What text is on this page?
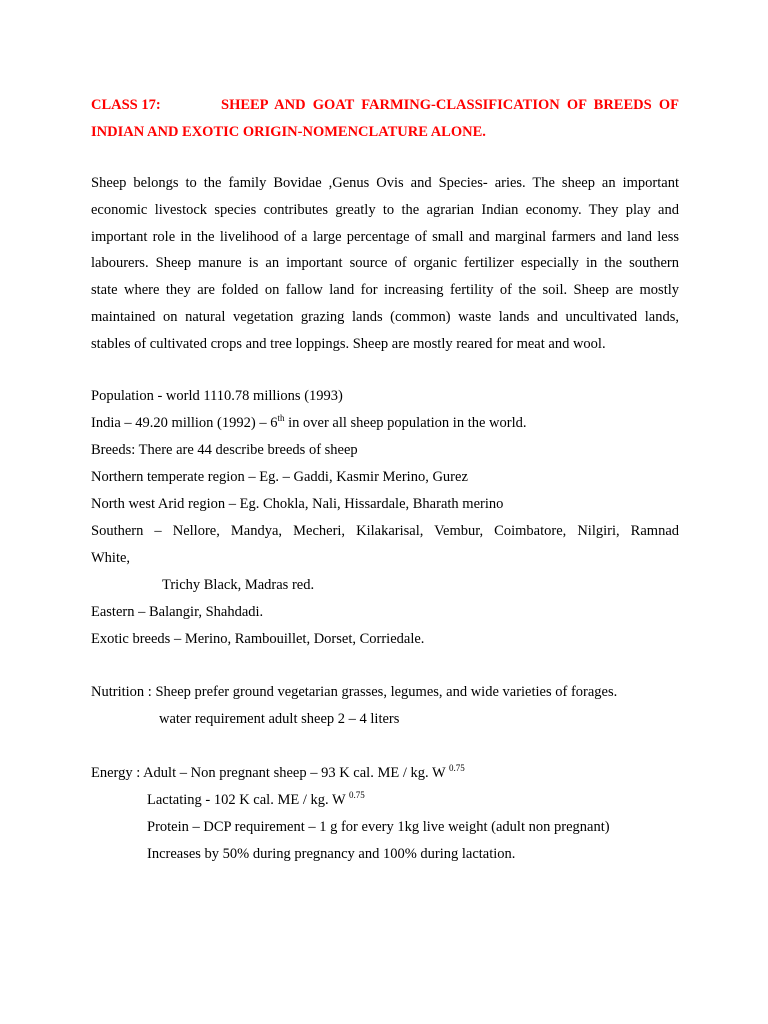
CLASS 17:	SHEEP AND GOAT FARMING-CLASSIFICATION OF BREEDS OF
INDIAN AND EXOTIC ORIGIN-NOMENCLATURE ALONE.
Sheep belongs to the family Bovidae ,Genus Ovis and Species- aries. The sheep an important
economic livestock species contributes greatly to the agrarian Indian economy. They play and
important role in the livelihood of a large percentage of small and marginal farmers and land less
labourers. Sheep manure is an important source of organic fertilizer especially in the southern
state where they are folded on fallow land for increasing fertility of the soil. Sheep are mostly
maintained on natural vegetation grazing lands (common) waste lands and uncultivated lands,
stables of cultivated crops and tree loppings. Sheep are mostly reared for meat and wool.
Population - world 1110.78 millions (1993)
India – 49.20 million (1992) – 6th in over all sheep population in the world.
Breeds: There are 44 describe breeds of sheep
Northern temperate region – Eg. – Gaddi, Kasmir Merino, Gurez
North west Arid region – Eg. Chokla, Nali, Hissardale, Bharath merino
Southern – Nellore, Mandya, Mecheri, Kilakarisal, Vembur, Coimbatore, Nilgiri, Ramnad
White,
Trichy Black, Madras red.
Eastern – Balangir, Shahdadi.
Exotic breeds – Merino, Rambouillet, Dorset, Corriedale.
Nutrition : Sheep prefer ground vegetarian grasses, legumes, and wide varieties of forages.
water requirement adult sheep 2 – 4 liters
Energy : Adult – Non pregnant sheep – 93 K cal. ME / kg. W $^{0.75}$
Lactating - 102 K cal. ME / kg. W $^{0.75}$
Protein – DCP requirement – 1 g for every 1kg live weight (adult non pregnant)
Increases by 50% during pregnancy and 100% during lactation.
